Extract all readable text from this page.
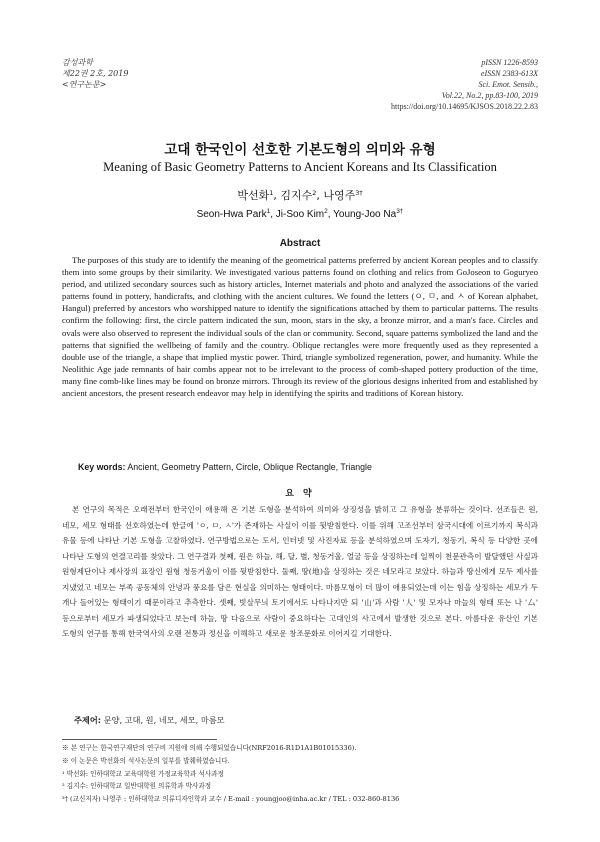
감성과학
제22권 2호, 2019
<연구논문>
pISSN 1226-8593
eISSN 2383-613X
Sci. Emot. Sensib.,
Vol.22, No.2, pp.83-100, 2019
https://doi.org/10.14695/KJSOS.2018.22.2.83
고대 한국인이 선호한 기본도형의 의미와 유형
Meaning of Basic Geometry Patterns to Ancient Koreans and Its Classification
박선화$^1$, 김지수$^2$, 나영주$^{3\dagger}$
Seon-Hwa Park$^1$, Ji-Soo Kim$^2$, Young-Joo $Na^{3\dagger}$
Abstract

The purposes of this study are to identify the meaning of the geometrical patterns preferred by ancient Korean peoples and to classify them into some groups by their similarity. We investigated various patterns found on clothing and relics from GoJoseon to Goguryeo period, and utilized secondary sources such as history articles, Internet materials and photo and analyzed the associations of the varied patterns found in pottery, handicrafts, and clothing with the ancient cultures. We found the letters (ㅇ, ㅁ, and ㅅ of Korean alphabet, Hangul) preferred by ancestors who worshipped nature to identify the significations attached by them to particular patterns. The results confirm the following: first, the circle pattern indicated the sun, moon, stars in the sky, a bronze mirror, and a man's face. Circles and ovals were also observed to represent the individual souls of the clan or community. Second, square patterns symbolized the land and the patterns that signified the wellbeing of family and the country. Oblique rectangles were more frequently used as they represented a double use of the triangle, a shape that implied mystic power. Third, triangle symbolized regeneration, power, and humanity. While the Neolithic Age jade remnants of hair combs appear not to be irrelevant to the process of comb-shaped pottery production of the time, many fine comb-like lines may be found on bronze mirrors. Through its review of the glorious designs inherited from and established by ancient ancestors, the present research endeavor may help in identifying the spirits and traditions of Korean history.

Key words: Ancient, Geometry Pattern, Circle, Oblique Rectangle, Triangle
요 약

본 연구의 목적은 오래전부터 한국인이 애용해 온 기본 도형을 분석하여 의미와 상징성을 밝히고 그 유형을 분류하는 것이다. 선조들은 원, 네모, 세모 형태를 선호하였는데 한글에 'ㅇ, ㅁ, ㅅ'가 존재하는 사실이 이를 뒷받침한다. 이를 위해 고조선부터 삼국시대에 이르기까지 복식과 유물 등에 나타난 기본 도형을 고찰하였다. 연구방법으로는 도서, 인터넷 및 사진자료 등을 분석하였으며 도자기, 청동기, 복식 등 다양한 곳에 나타난 도형의 연결고리를 찾았다. 그 연구결과 첫째, 원은 하늘, 해, 달, 별, 청동거울, 얼굴 등을 상징하는데 일찍이 천문관측이 발달했던 사실과 원형제단이나 제사장의 표장인 원형 청동거울이 이를 뒷받침한다. 둘째, 땅(地)을 상징하는 것은 네모라고 보았다. 하늘과 땅신에게 모두 제사를 지냈었고 네모는 부족 공동체의 안녕과 풍요를 담은 현실을 의미하는 형태이다. 마름모형이 더 많이 애용되었는데 이는 힘을 상징하는 세모가 두 개나 들어있는 형태이기 때문이라고 추측한다. 셋째, 빗살무늬 토기에서도 나타나지만 되 '山'과 사람 '人' 및 모자나 마늘의 형태 또는 나 '厶' 등으로부터 세모가 파생되었다고 보는데 하늘, 땅 다음으로 사람이 중요하다는 고대인의 사고에서 발생한 것으로 본다. 아름다운 유산인 기본 도형의 연구를 통해 한국역사의 오랜 전통과 정신을 이해하고 새로운 창조문화로 이어지길 기대한다.

주제어: 문양, 고대, 원, 네모, 세모, 마름모
※ 본 연구는 한국연구재단의 연구비 지원에 의해 수행되었습니다(NRF2016-R1D1A1B01015336).
※ 이 논문은 박선화의 석사논문의 일부를 발췌하였습니다.
¹ 박선화: 인하대학교 교육대학원 가정교육학과 석사과정
² 김지수: 인하대학교 일반대학원 의류학과 박사과정
³† (교신저자) 나영주 : 인하대학교 의류디자인학과 교수 / E-mail : youngjoo@inha.ac.kr / TEL : 032-860-8136
